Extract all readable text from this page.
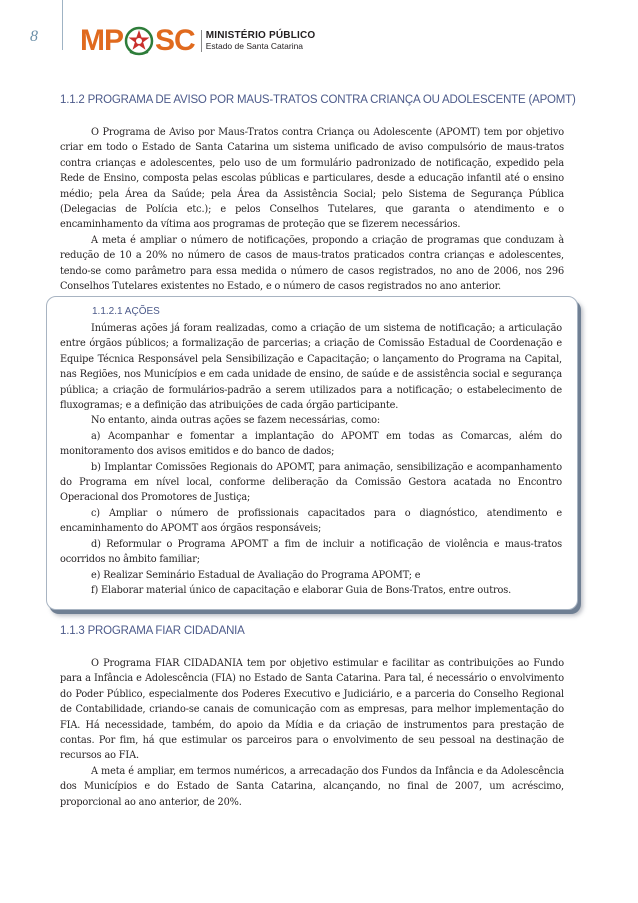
8 MP SC MINISTÉRIO PÚBLICO
Estado de Santa Catarina
1.1.2 PROGRAMA DE AVISO POR MAUS-TRATOS CONTRA CRIANÇA OU ADOLESCENTE (APOMT)

O Programa de Aviso por Maus-Tratos contra Criança ou Adolescente (APOMT) tem por objetivo criar em todo o Estado de Santa Catarina um sistema unificado de aviso compulsório de maus-tratos contra crianças e adolescentes, pelo uso de um formulário padronizado de notificação, expedido pela Rede de Ensino, composta pelas escolas públicas e particulares, desde a educação infantil até o ensino médio; pela Área da Saúde; pela Área da Assistência Social; pelo Sistema de Segurança Pública (Delegacias de Polícia etc.); e pelos Conselhos Tutelares, que garanta o atendimento e o encaminhamento da vítima aos programas de proteção que se fizerem necessários.

A meta é ampliar o número de notificações, propondo a criação de programas que conduzam à redução de 10 a 20% no número de casos de maus-tratos praticados contra crianças e adolescentes, tendo-se como parâmetro para essa medida o número de casos registrados, no ano de 2006, nos 296 Conselhos Tutelares existentes no Estado, e o número de casos registrados no ano anterior.

1.1.2.1 AÇÕES

Inúmeras ações já foram realizadas, como a criação de um sistema de notificação; a articulação entre órgãos públicos; a formalização de parcerias; a criação de Comissão Estadual de Coordenação e Equipe Técnica Responsável pela Sensibilização e Capacitação; o lançamento do Programa na Capital, nas Regiões, nos Municípios e em cada unidade de ensino, de saúde e de assistência social e segurança pública; a criação de formulários-padrão a serem utilizados para a notificação; o estabelecimento de fluxogramas; e a definição das atribuições de cada órgão participante.

No entanto, ainda outras ações se fazem necessárias, como:

a) Acompanhar e fomentar a implantação do APOMT em todas as Comarcas, além do monitoramento dos avisos emitidos e do banco de dados;

b) Implantar Comissões Regionais do APOMT, para animação, sensibilização e acompanhamento do Programa em nível local, conforme deliberação da Comissão Gestora acatada no Encontro Operacional dos Promotores de Justiça;

c) Ampliar o número de profissionais capacitados para o diagnóstico, atendimento e encaminhamento do APOMT aos órgãos responsáveis;

d) Reformular o Programa APOMT a fim de incluir a notificação de violência e maus-tratos ocorridos no âmbito familiar;

e) Realizar Seminário Estadual de Avaliação do Programa APOMT; e

f) Elaborar material único de capacitação e elaborar Guia de Bons-Tratos, entre outros.

1.1.3 PROGRAMA FIAR CIDADANIA

O Programa FIAR CIDADANIA tem por objetivo estimular e facilitar as contribuições ao Fundo para a Infância e Adolescência (FIA) no Estado de Santa Catarina. Para tal, é necessário o envolvimento do Poder Público, especialmente dos Poderes Executivo e Judiciário, e a parceria do Conselho Regional de Contabilidade, criando-se canais de comunicação com as empresas, para melhor implementação do FIA. Há necessidade, também, do apoio da Mídia e da criação de instrumentos para prestação de contas. Por fim, há que estimular os parceiros para o envolvimento de seu pessoal na destinação de recursos ao FIA.

A meta é ampliar, em termos numéricos, a arrecadação dos Fundos da Infância e da Adolescência dos Municípios e do Estado de Santa Catarina, alcançando, no final de 2007, um acréscimo, proporcional ao ano anterior, de 20%.
